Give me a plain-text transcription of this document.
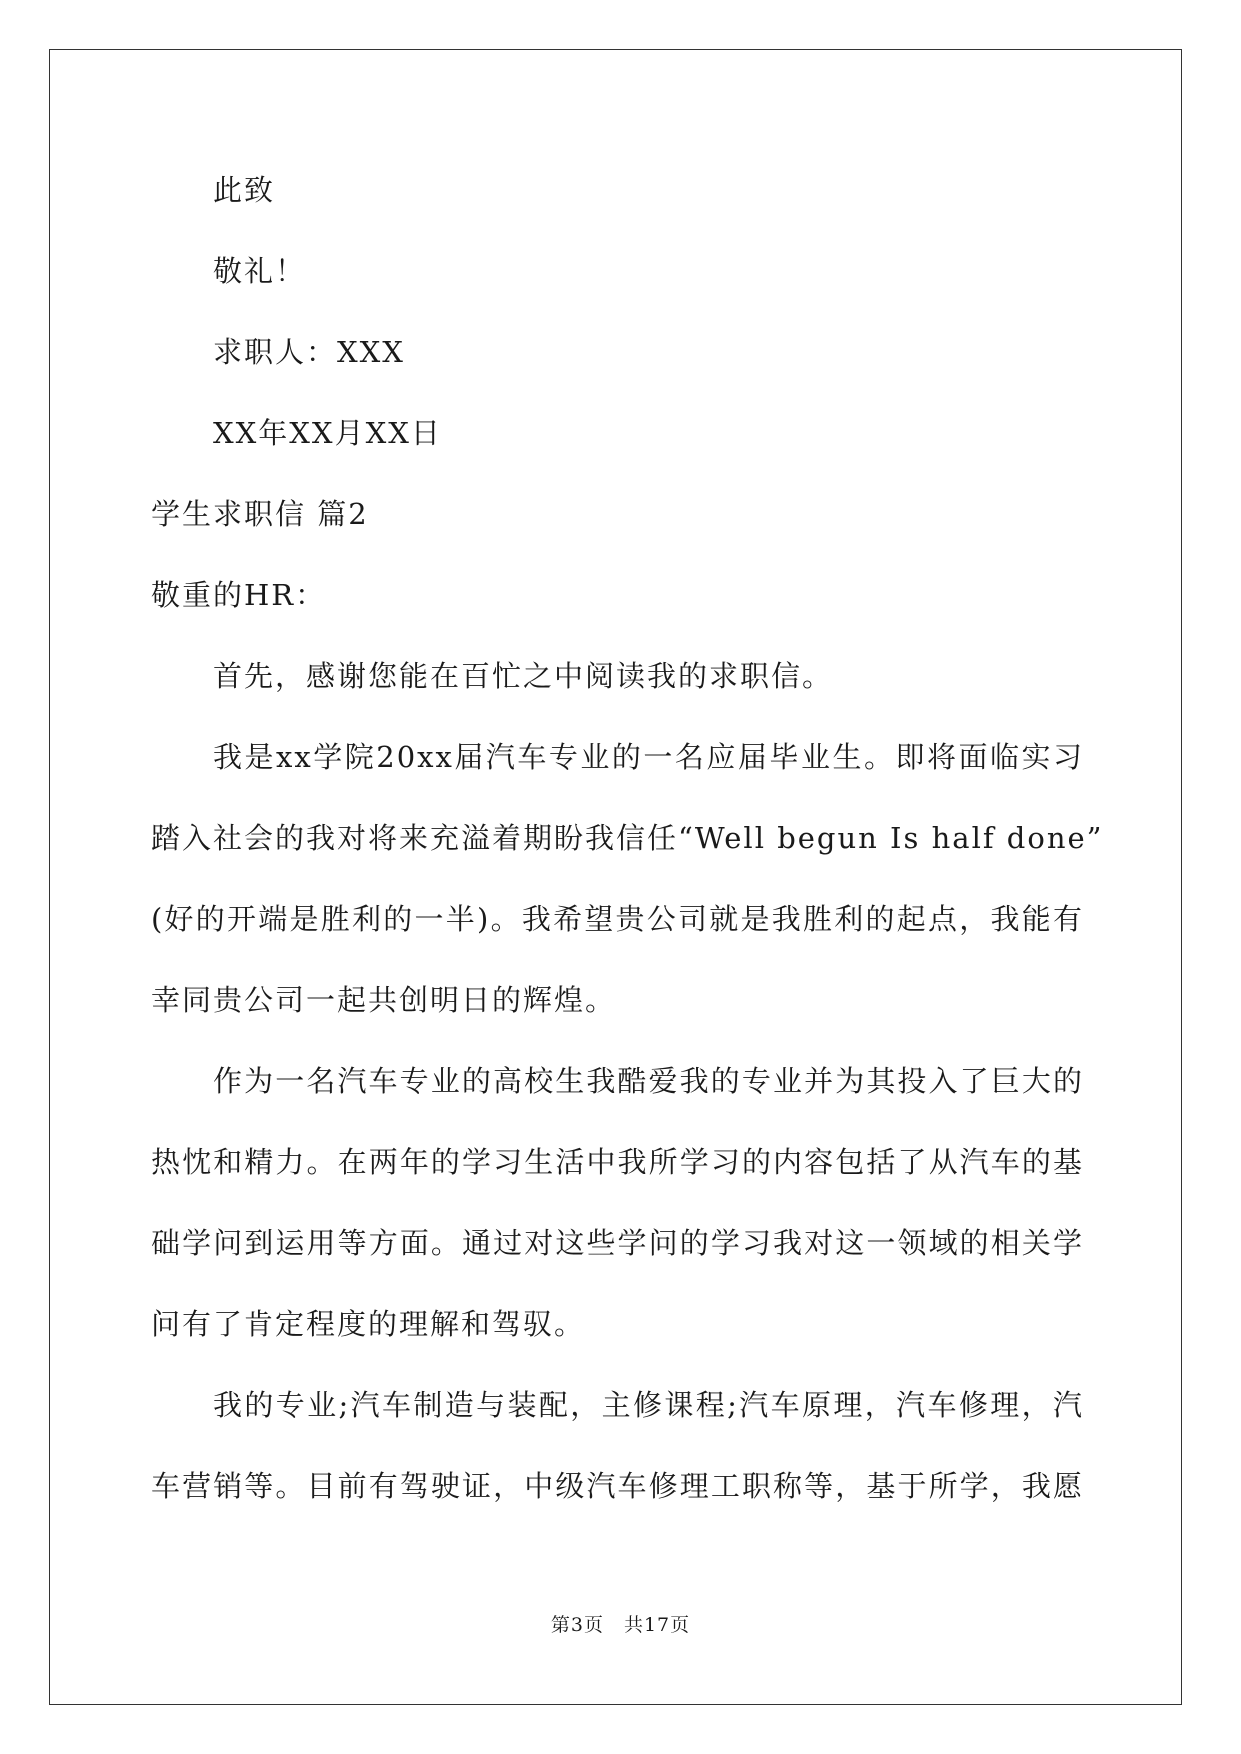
此致
敬礼！
求职人：XXX
XX年XX月XX日
学生求职信 篇2
敬重的HR：
首先，感谢您能在百忙之中阅读我的求职信。
我是xx学院20xx届汽车专业的一名应届毕业生。即将面临实习
踏入社会的我对将来充溢着期盼我信任“Well begun Is half done”
(好的开端是胜利的一半)。我希望贵公司就是我胜利的起点，我能有
幸同贵公司一起共创明日的辉煌。
作为一名汽车专业的高校生我酷爱我的专业并为其投入了巨大的
热忱和精力。在两年的学习生活中我所学习的内容包括了从汽车的基
础学问到运用等方面。通过对这些学问的学习我对这一领域的相关学
问有了肯定程度的理解和驾驭。
我的专业;汽车制造与装配，主修课程;汽车原理，汽车修理，汽
车营销等。目前有驾驶证，中级汽车修理工职称等，基于所学，我愿
第3页 共17页
